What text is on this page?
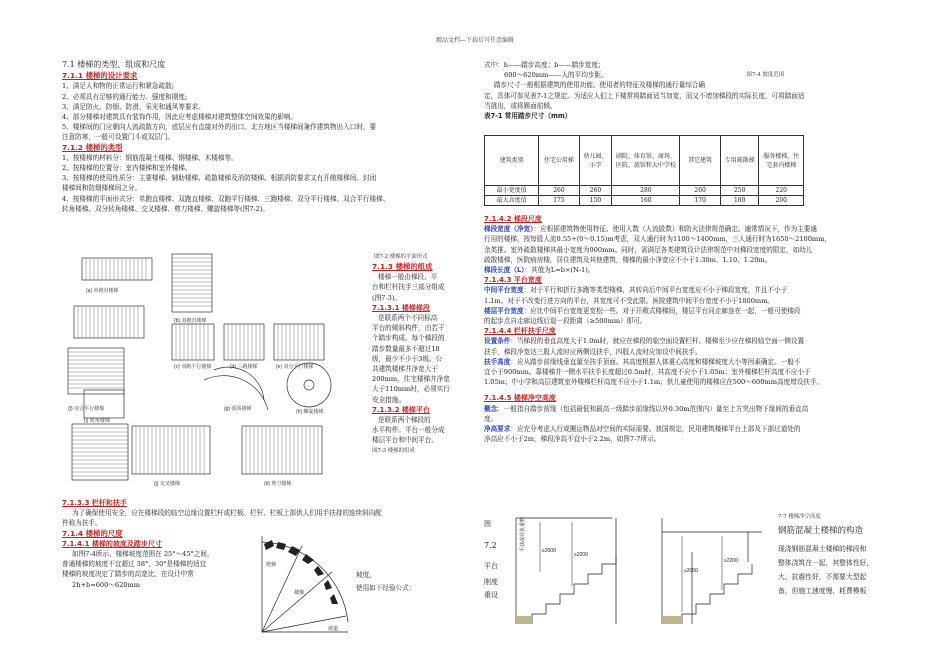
精品文档---下载后可任意编辑
7.1 楼梯的类型、组成和尺度
7.1.1 楼梯的设计要求
1、满足人和物的正常运行和紧急疏散;
2、必须具有足够的通行能力、强度和刚度;
3、满足防火、防烟、防滑、采光和通风等要求。
4、部分楼梯对建筑具有装饰作用，因此应考虑楼梯对建筑整体空间效果的影响。
5、楼梯间的门应朝向人流疏散方向，底层应有直接对外的出口。北方地区当楼梯间兼作建筑物出入口时，要
注意防寒，一般可设置门斗或双层门。
7.1.2 楼梯的类型
1、按楼梯的材料分：钢筋混凝土楼梯、钢楼梯、木楼梯等。
2、按楼梯的位置分：室内楼梯和室外楼梯。
3、按楼梯的使用性质分：主要楼梯、辅助楼梯、疏散楼梯及消防楼梯。根据消防要求又有开敞楼梯间、封闭
楼梯间和防烟楼梯间之分。
4、按楼梯的平面形式分：单跑直楼梯、双跑直楼梯、双跑平行楼梯、三跑楼梯、双分平行楼梯、双合平行楼梯、
转角楼梯、双分转角楼梯、交叉楼梯、剪刀楼梯、螺旋楼梯等(图7-2)。
(a) 单跑直楼梯
(b) 双跑直楼梯
(c) 双跑平行楼梯	(d) 三跑楼梯	(e) 双分平行楼梯
(f) 双合平行楼梯	(g) 弧线楼梯	(h) 螺旋楼梯
(i) 转角楼梯
(j) 交叉楼梯	(k) 剪刀楼梯
图7-2 楼梯的平面形式
7.1.3 楼梯的组成
楼梯一般由梯段、平
台和栏杆扶手三部分组成
(图7-3)。
7.1.3.1 楼梯梯段
是联系两个不同标高
平台的倾斜构件，由若干
个踏步构成。每个梯段的
踏步数量最多不超过18
级，最少不少于3级。公
共建筑楼梯井净宽大于
200mm，住宅楼梯井净宽
大于110mm时，必须实行
安全措施。
7.1.3.2 楼梯平台
是联系两个梯段的
水平构件。平台一般分成
楼层平台和中间平台。
图7-3 楼梯的组成
7.1.3.3 栏杆和扶手
为了确保使用安全，应在楼梯段的临空边缘设置栏杆或栏板。栏杆、栏板上部供人们用手扶持的连续斜向配
件称为扶手。
7.1.4 楼梯的尺度
7.1.4.1 楼梯的坡度及踏步尺寸
如图7-4所示，楼梯坡度范围在 25°～45°之间，
普通楼梯的坡度不宜超过 38°，30°是楼梯的适宜
楼梯的坡度决定了踏步的高宽比，在设计中常
2h+b=600～620mm
坡度。
使用如下经验公式：
爬梯
楼梯
坡道
式中：h——踏步高度；b——踏步宽度；
600～620mm——人的平均步距。	图7-4 坡度范围
踏步尺寸一般根据建筑的使用功能、使用者的特征及楼梯的通行量综合确
定，具体可参见表7-1之规定。为适应人们上下楼常将踏面适当加宽，而又不增加梯段的实际长度，可将踏面适
当挑出，或将踢面前倾。
表7-1 常用踏步尺寸（mm）
建筑类别	住宅公用梯	幼儿园、小学	剧院、体育馆、商场、医院、旅馆和大中学校	其它建筑	专用疏散梯	服务楼梯、住宅套内楼梯
最小宽度值	260	260	280	260	250	220
最大高度值	175	150	160	170	180	200
7.1.4.2 梯段尺度
梯段宽度（净宽）：应根据建筑物使用特征、使用人数（人流股数）和防火法律规范确定。通常情况下，作为主要通
行用的楼梯，按每股人流0.55+(0～0.15)m考虑，双人通行时为1100～1400mm，三人通行时为1650～2100mm，
余类推。室外疏散楼梯其最小宽度为900mm。同时，需满足各类建筑设计法律规范中对梯段宽度的限定，如幼儿
疏散楼梯，医院病房楼，居住建筑及其他建筑，楼梯的最小净宽应不小于1.30m、1.10、1.20m。
梯段长度（L）：其值为L=b×(N-1)。
7.1.4.3 平台宽度
中间平台宽度：对于平行和折行多跑等类型楼梯，其转向后中间平台宽度应不小于梯段宽度，并且不小于
1.1m。对于不改变行进方向的平台，其宽度可不受此限。医院建筑中间平台宽度不小于1800mm。
楼层平台宽度：应比中间平台宽度更宽松一些。对于开敞式楼梯间，楼层平台同走廊连在一起，一般可使楼段
的起步点自走廊边线后退一段距离（≥500mm）即可。
7.1.4.4 栏杆扶手尺度
设置条件：当梯段的垂直高度大于1.0m时，就应在梯段的临空面设置栏杆。楼梯至少应在梯段临空面一侧设置
扶手，梯段净宽达三股人流时应两侧设扶手，四股人流时应加设中间扶手。
扶手高度：应从踏步前缘线垂直量至扶手顶面。其高度根据人体重心高度和楼梯坡度大小等因素确定。一般不
宜小于900mm。靠楼梯井一侧水平扶手长度超过0.5m时，其高度不应小于1.05m；室外楼梯栏杆高度不应小于
1.05m；中小学和高层建筑室外楼梯栏杆高度不应小于1.1m；供儿童使用的楼梯应在500～600mm高度增设扶手。
7.1.4.5 楼梯净空高度
概念：一般指自踏步前缘（包括最低和最高一级踏步前缘线以外0.30m范围内）量至上方突出物下缘间的垂直高
度。
净高要求：应充分考虑人行或搬运物品对空间的实际需要。我国规定，民用建筑楼梯平台上部及下部过道处的
净高应不小于2m，梯段净高不宜小于2.2m，如图7-7所示。
图
7.2
平台
刚度
重设
手扶或肩负重物	≥2000
≥2200
≥2000
≥2200
7-7 楼梯净空高度
钢筋混凝土楼梯的构造
现浇钢筋混凝土楼梯的梯段和
整体浇筑在一起，其整体性好，
大、抗震性好，不需要大型起
备，但施工速度慢、耗费模板
